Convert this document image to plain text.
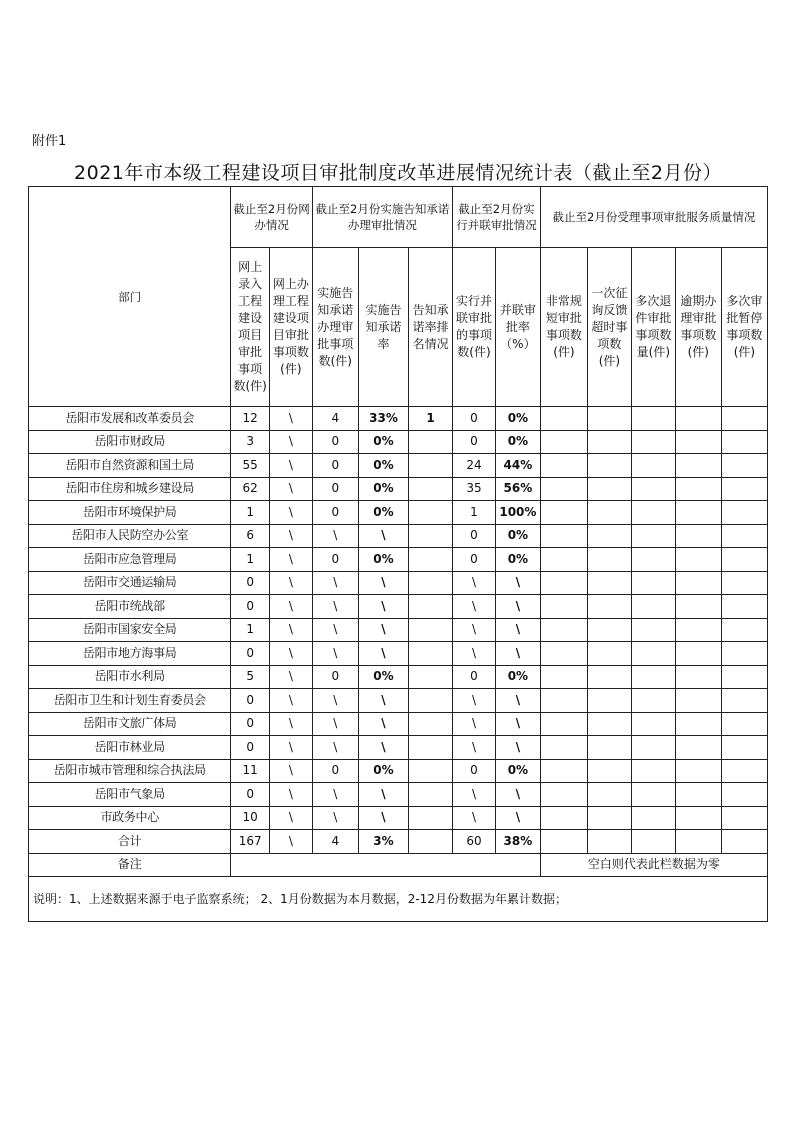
附件1
2021年市本级工程建设项目审批制度改革进展情况统计表（截止至2月份）
部门	截止至2月份网办情况		截止至2月份实施告知承诺办理审批情况			截止至2月份实行并联审批情况		截止至2月份受理事项审批服务质量情况				
	网上录入工程建设项目审批事项数(件)	网上办理工程建设项目审批事项数(件)	实施告知承诺办理审批事项数(件)	实施告知承诺率	告知承诺率排名情况	实行并联审批的事项数(件)	并联审批率（%）	非常规短审批事项数(件)	一次征询反馈超时事项数(件)	多次退件审批事项数量(件)	逾期办理审批事项数(件)	多次审批暂停事项数(件)
岳阳市发展和改革委员会	12	\	4	33%	1	0	0%					
岳阳市财政局	3	\	0	0%		0	0%					
岳阳市自然资源和国土局	55	\	0	0%		24	44%					
岳阳市住房和城乡建设局	62	\	0	0%		35	56%					
岳阳市环境保护局	1	\	0	0%		1	100%					
岳阳市人民防空办公室	6	\	\	\		0	0%					
岳阳市应急管理局	1	\	0	0%		0	0%					
岳阳市交通运输局	0	\	\	\		\	\					
岳阳市统战部	0	\	\	\		\	\					
岳阳市国家安全局	1	\	\	\		\	\					
岳阳市地方海事局	0	\	\	\		\	\					
岳阳市水利局	5	\	0	0%		0	0%					
岳阳市卫生和计划生育委员会	0	\	\	\		\	\					
岳阳市文旅广体局	0	\	\	\		\	\					
岳阳市林业局	0	\	\	\		\	\					
岳阳市城市管理和综合执法局	11	\	0	0%		0	0%					
岳阳市气象局	0	\	\	\		\	\					
市政务中心	10	\	\	\		\	\					
合计	167	\	4	3%		60	38%					
备注								空白则代表此栏数据为零				
说明：1、上述数据来源于电子监察系统； 2、1月份数据为本月数据，2-12月份数据为年累计数据；												
